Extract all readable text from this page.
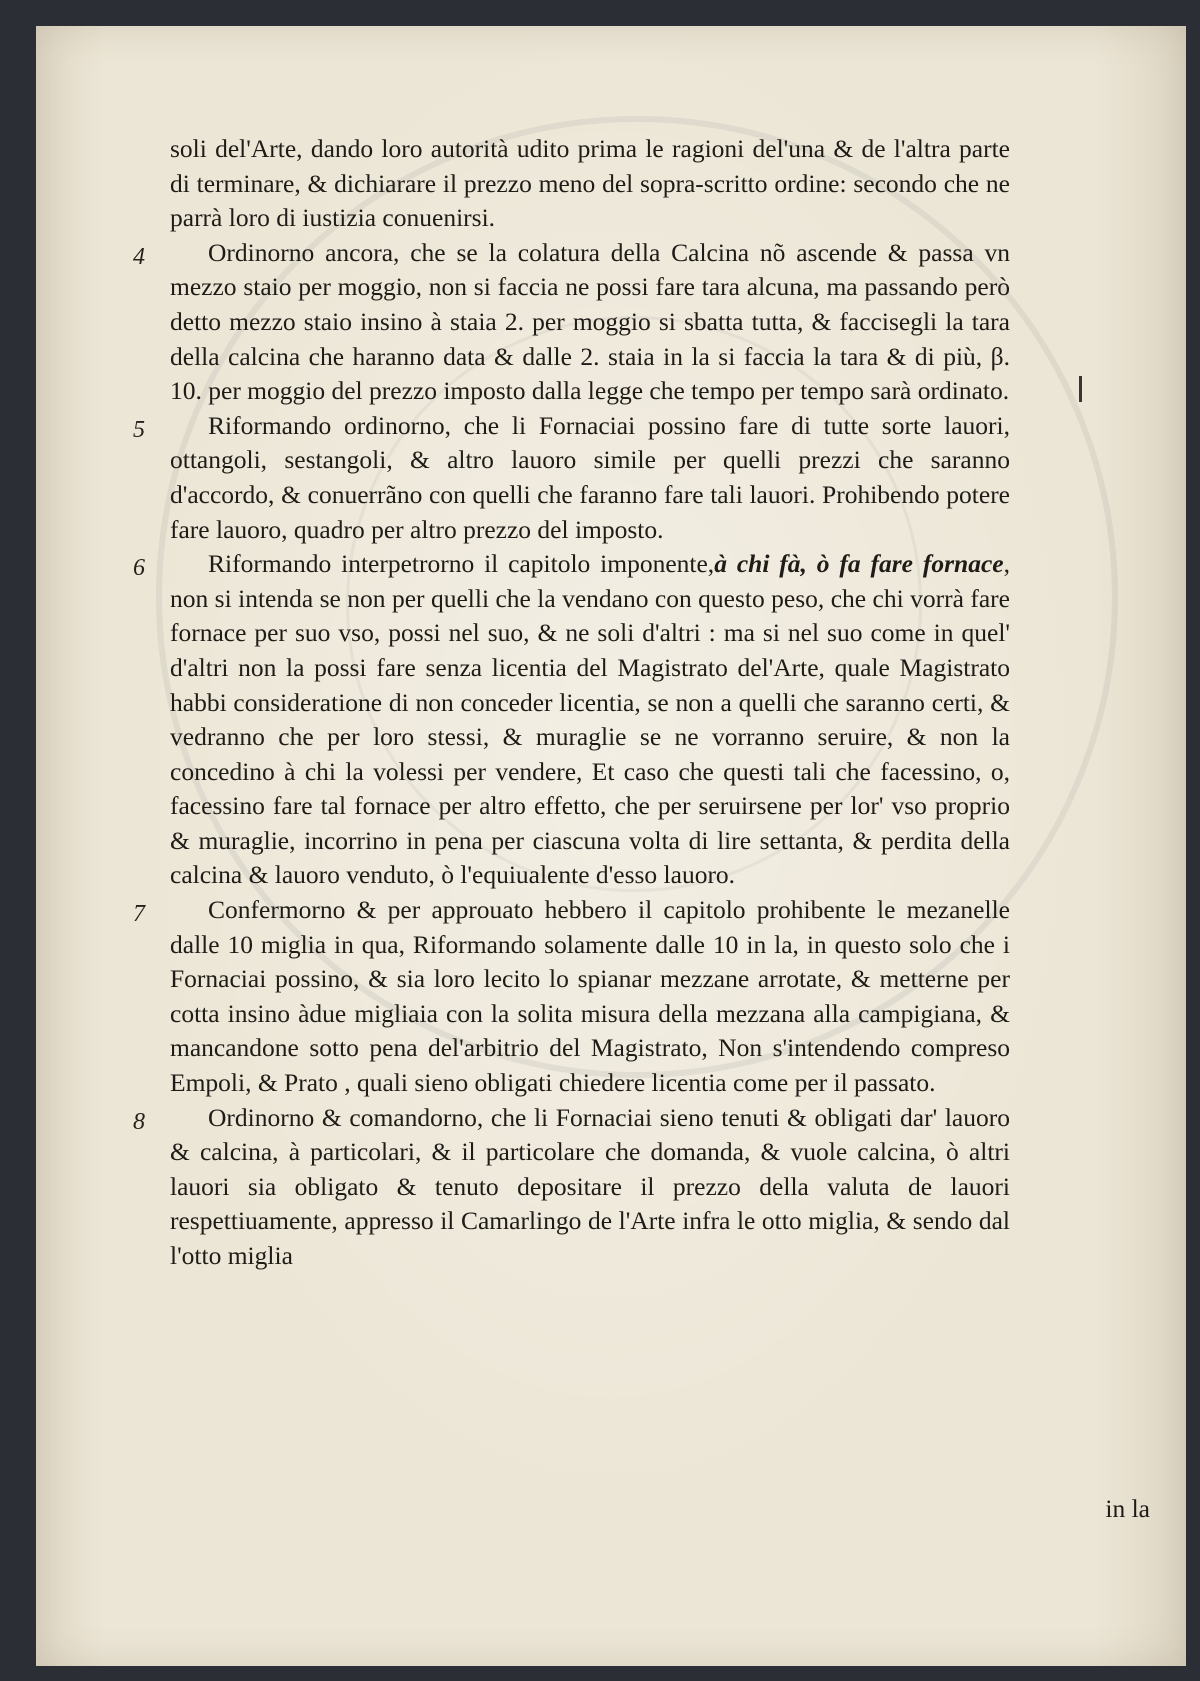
soli del'Arte, dando loro autorità udito prima le ragioni del'una & de l'altra parte di terminare, & dichiarare il prezzo meno del sopra-scritto ordine: secondo che ne parrà loro di iustizia conuenirsi.

4 Ordinorno ancora, che se la colatura della Calcina nõ ascende & passa vn mezzo staio per moggio, non si faccia ne possi fare tara alcuna, ma passando però detto mezzo staio insino à staia 2. per moggio si sbatta tutta, & faccisegli la tara della calcina che haranno data & dalle 2. staia in la si faccia la tara & di più, β. 10. per moggio del prezzo imposto dalla legge che tempo per tempo sarà ordinato.

5 Riformando ordinorno, che li Fornaciai possino fare di tutte sorte lauori, ottangoli, sestangoli, & altro lauoro simile per quelli prezzi che saranno d'accordo, & conuerrãno con quelli che faranno fare tali lauori. Prohibendo potere fare lauoro, quadro per altro prezzo del imposto.

6 Riformando interpetrorno il capitolo imponente,à chi fà, ò fa fare fornace, non si intenda se non per quelli che la vendano con questo peso, che chi vorrà fare fornace per suo vso, possi nel suo, & ne soli d'altri : ma si nel suo come in quel' d'altri non la possi fare senza licentia del Magistrato del'Arte, quale Magistrato habbi consideratione di non conceder licentia, se non a quelli che saranno certi, & vedranno che per loro stessi, & muraglie se ne vorranno seruire, & non la concedino à chi la volessi per vendere, Et caso che questi tali che facessino, o, facessino fare tal fornace per altro effetto, che per seruirsene per lor' vso proprio & muraglie, incorrino in pena per ciascuna volta di lire settanta, & perdita della calcina & lauoro venduto, ò l'equiualente d'esso lauoro.

7 Confermorno & per approuato hebbero il capitolo prohibente le mezanelle dalle 10 miglia in qua, Riformando solamente dalle 10 in la, in questo solo che i Fornaciai possino, & sia loro lecito lo spianar mezzane arrotate, & metterne per cotta insino àdue migliaia con la solita misura della mezzana alla campigiana, & mancandone sotto pena del'arbitrio del Magistrato, Non s'intendendo compreso Empoli, & Prato , quali sieno obligati chiedere licentia come per il passato.

8 Ordinorno & comandorno, che li Fornaciai sieno tenuti & obligati dar' lauoro & calcina, à particolari, & il particolare che domanda, & vuole calcina, ò altri lauori sia obligato & tenuto depositare il prezzo della valuta de lauori respettiuamente, appresso il Camarlingo de l'Arte infra le otto miglia, & sendo dal l'otto miglia

in la
